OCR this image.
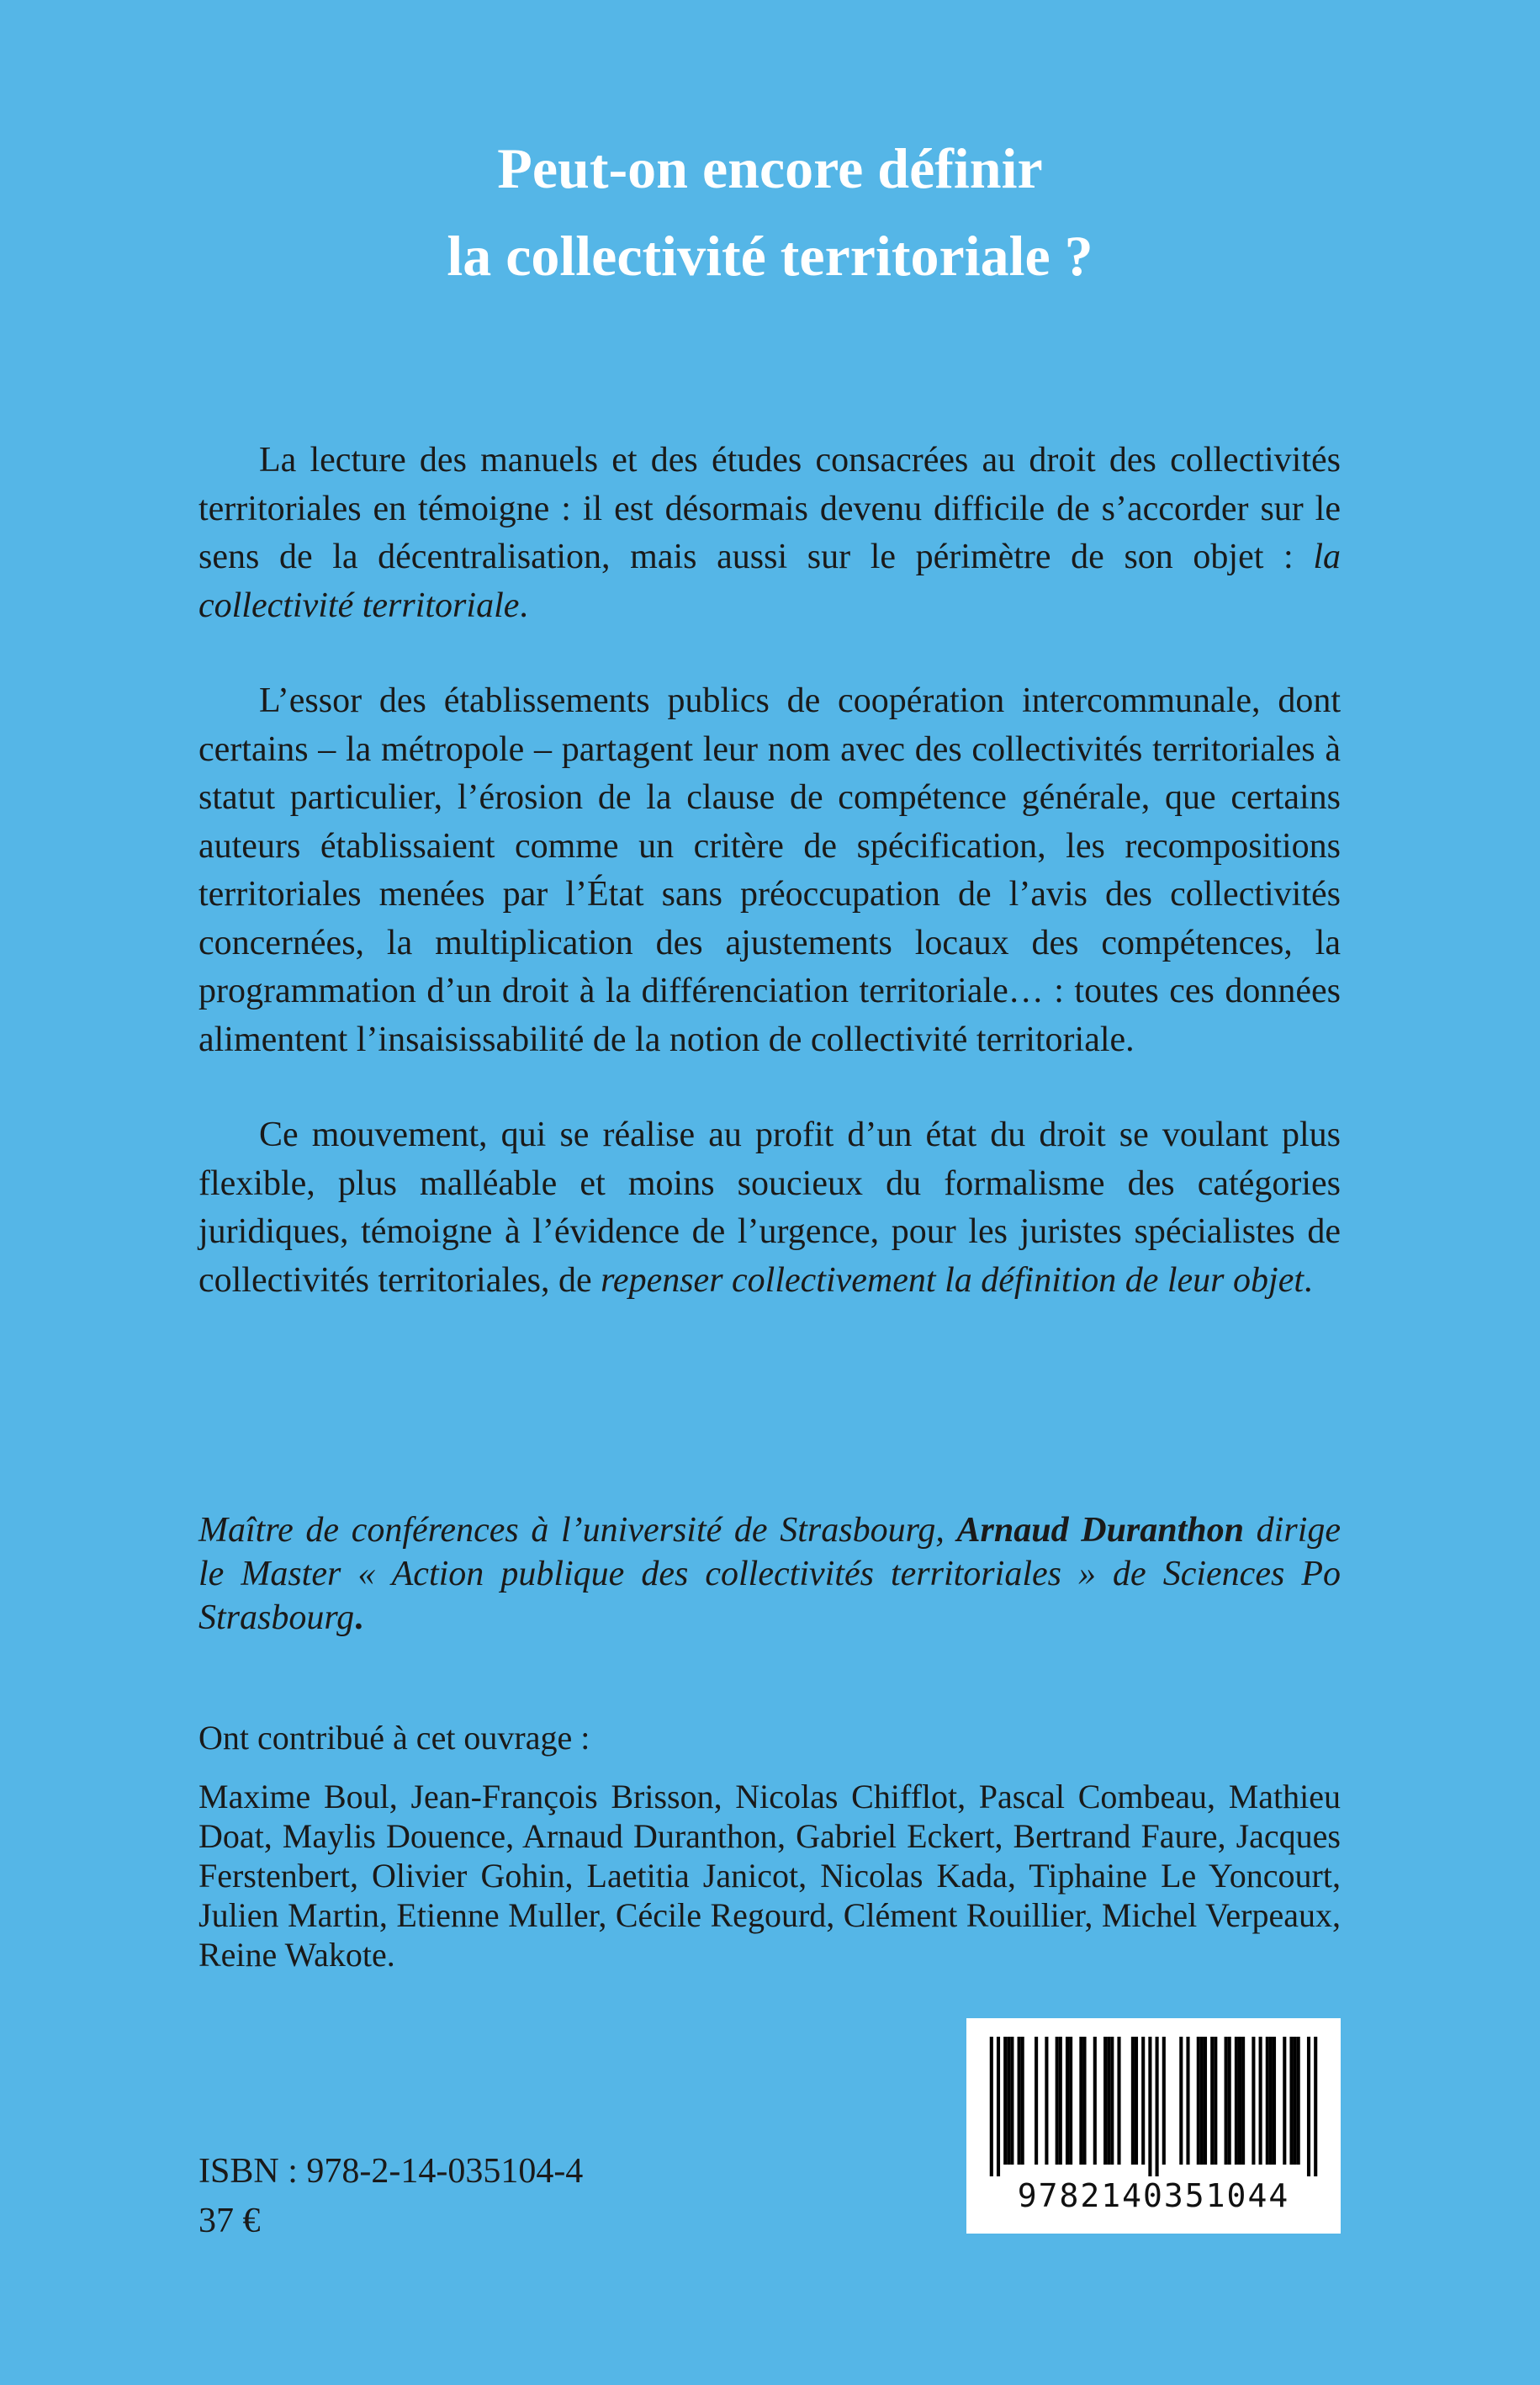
Peut-on encore définir
la collectivité territoriale ?

La lecture des manuels et des études consacrées au droit des collectivités territoriales en témoigne : il est désormais devenu difficile de s’accorder sur le sens de la décentralisation, mais aussi sur le périmètre de son objet : la collectivité territoriale.

L’essor des établissements publics de coopération intercommunale, dont certains – la métropole – partagent leur nom avec des collectivités territoriales à statut particulier, l’érosion de la clause de compétence générale, que certains auteurs établissaient comme un critère de spécification, les recompositions territoriales menées par l’État sans préoccupation de l’avis des collectivités concernées, la multiplication des ajustements locaux des compétences, la programmation d’un droit à la différenciation territoriale… : toutes ces données alimentent l’insaisissabilité de la notion de collectivité territoriale.

Ce mouvement, qui se réalise au profit d’un état du droit se voulant plus flexible, plus malléable et moins soucieux du formalisme des catégories juridiques, témoigne à l’évidence de l’urgence, pour les juristes spécialistes de collectivités territoriales, de repenser collectivement la définition de leur objet.

Maître de conférences à l’université de Strasbourg, Arnaud Duranthon dirige le Master « Action publique des collectivités territoriales » de Sciences Po Strasbourg.
Ont contribué à cet ouvrage :
Maxime Boul, Jean-François Brisson, Nicolas Chifflot, Pascal Combeau, Mathieu Doat, Maylis Douence, Arnaud Duranthon, Gabriel Eckert, Bertrand Faure, Jacques Ferstenbert, Olivier Gohin, Laetitia Janicot, Nicolas Kada, Tiphaine Le Yoncourt, Julien Martin, Etienne Muller, Cécile Regourd, Clément Rouillier, Michel Verpeaux, Reine Wakote.
ISBN : 978-2-14-035104-4
37 €
9782140351044
